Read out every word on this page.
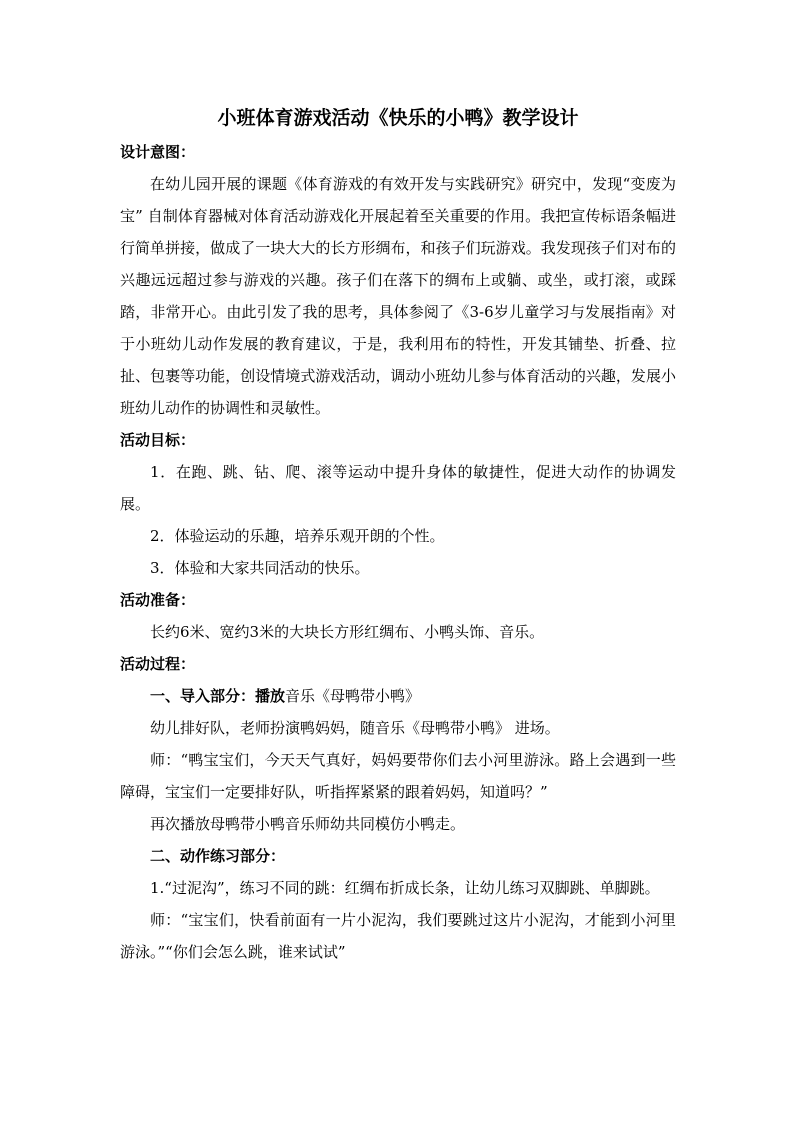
小班体育游戏活动《快乐的小鸭》教学设计
设计意图：

在幼儿园开展的课题《体育游戏的有效开发与实践研究》研究中，发现“变废为宝” 自制体育器械对体育活动游戏化开展起着至关重要的作用。我把宣传标语条幅进行简单拼接，做成了一块大大的长方形绸布，和孩子们玩游戏。我发现孩子们对布的兴趣远远超过参与游戏的兴趣。孩子们在落下的绸布上或躺、或坐，或打滚，或踩踏，非常开心。由此引发了我的思考，具体参阅了《3-6岁儿童学习与发展指南》对于小班幼儿动作发展的教育建议，于是，我利用布的特性，开发其铺垫、折叠、拉扯、包裹等功能，创设情境式游戏活动，调动小班幼儿参与体育活动的兴趣，发展小班幼儿动作的协调性和灵敏性。

活动目标：

1．在跑、跳、钻、爬、滚等运动中提升身体的敏捷性，促进大动作的协调发展。

2．体验运动的乐趣，培养乐观开朗的个性。

3．体验和大家共同活动的快乐。

活动准备：

长约6米、宽约3米的大块长方形红绸布、小鸭头饰、音乐。

活动过程：

一、导入部分：播放音乐《母鸭带小鸭》

幼儿排好队，老师扮演鸭妈妈，随音乐《母鸭带小鸭》 进场。

师：“鸭宝宝们，今天天气真好，妈妈要带你们去小河里游泳。路上会遇到一些障碍，宝宝们一定要排好队，听指挥紧紧的跟着妈妈，知道吗？”

再次播放母鸭带小鸭音乐师幼共同模仿小鸭走。

二、动作练习部分：

1.“过泥沟”，练习不同的跳：红绸布折成长条，让幼儿练习双脚跳、单脚跳。

师：“宝宝们，快看前面有一片小泥沟，我们要跳过这片小泥沟，才能到小河里游泳。”“你们会怎么跳，谁来试试”
